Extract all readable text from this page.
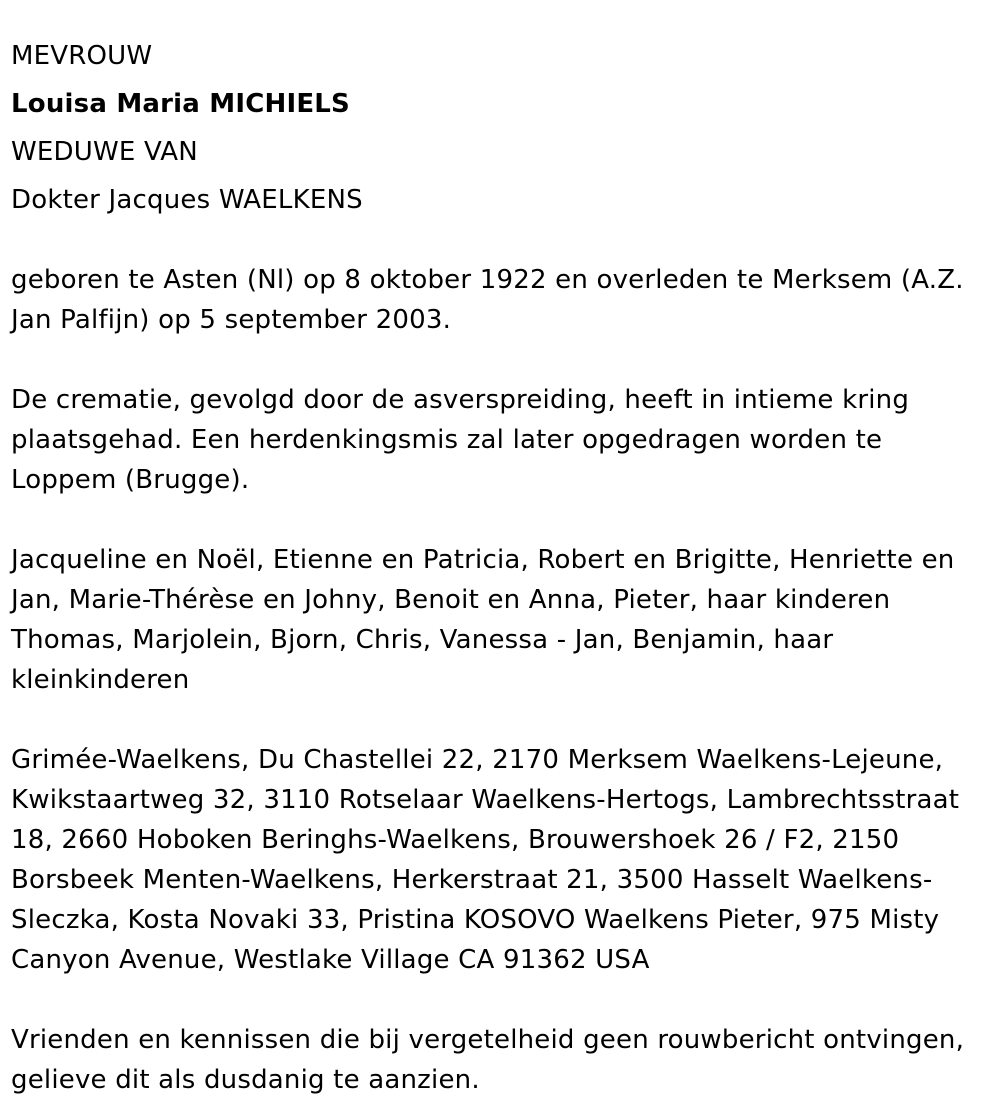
MEVROUW

Louisa Maria MICHIELS

WEDUWE VAN

Dokter Jacques WAELKENS

geboren te Asten (Nl) op 8 oktober 1922 en overleden te Merksem (A.Z. Jan Palfijn) op 5 september 2003.

De crematie, gevolgd door de asverspreiding, heeft in intieme kring plaatsgehad. Een herdenkingsmis zal later opgedragen worden te Loppem (Brugge).

Jacqueline en Noël, Etienne en Patricia, Robert en Brigitte, Henriette en Jan, Marie-Thérèse en Johny, Benoit en Anna, Pieter, haar kinderen Thomas, Marjolein, Bjorn, Chris, Vanessa - Jan, Benjamin, haar kleinkinderen

Grimée-Waelkens, Du Chastellei 22, 2170 Merksem Waelkens-Lejeune, Kwikstaartweg 32, 3110 Rotselaar Waelkens-Hertogs, Lambrechtsstraat 18, 2660 Hoboken Beringhs-Waelkens, Brouwershoek 26 / F2, 2150 Borsbeek Menten-Waelkens, Herkerstraat 21, 3500 Hasselt Waelkens-Sleczka, Kosta Novaki 33, Pristina KOSOVO Waelkens Pieter, 975 Misty Canyon Avenue, Westlake Village CA 91362 USA

Vrienden en kennissen die bij vergetelheid geen rouwbericht ontvingen, gelieve dit als dusdanig te aanzien.
